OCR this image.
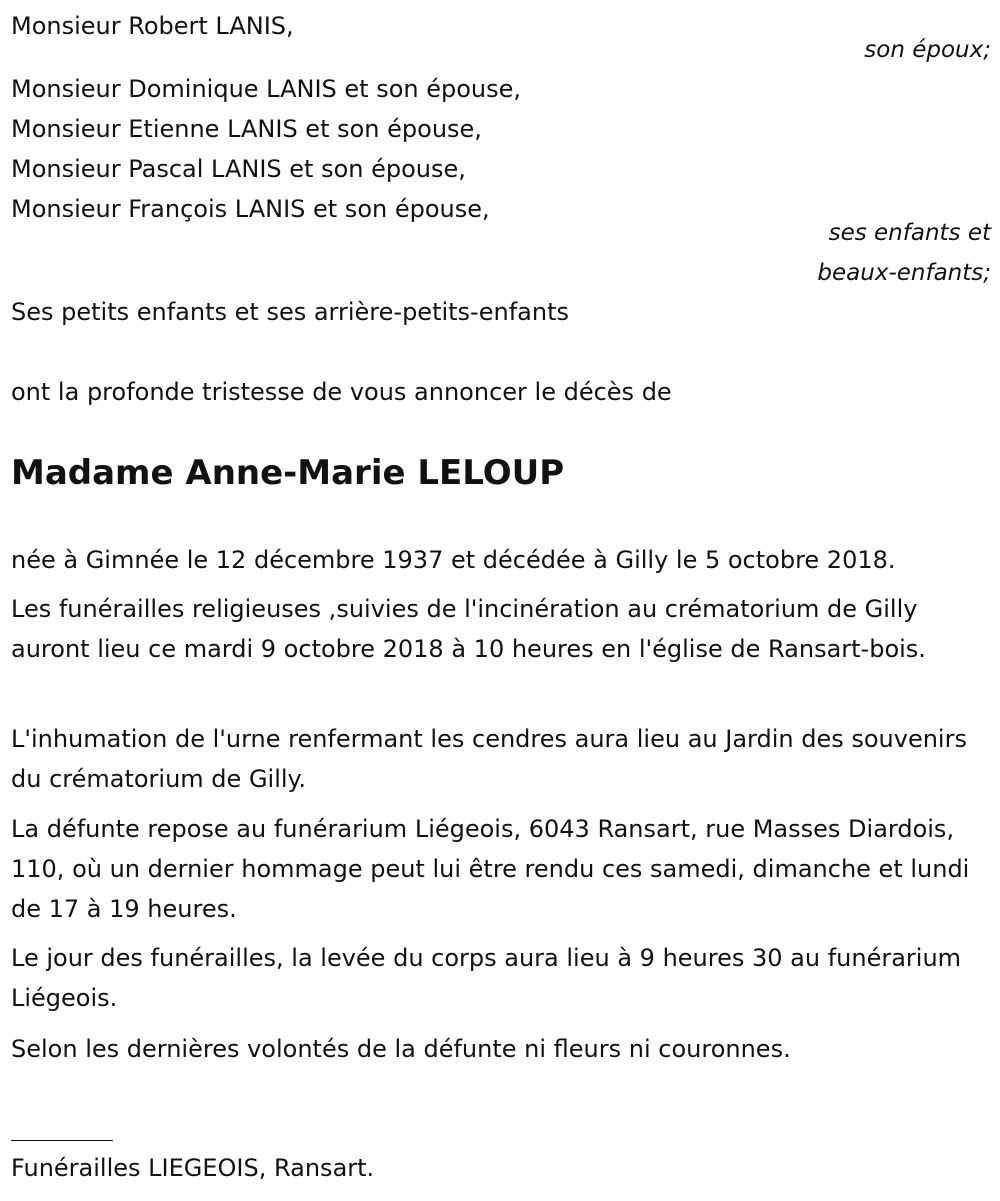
Monsieur Robert LANIS,
son époux;
Monsieur Dominique LANIS et son épouse,
Monsieur Etienne LANIS et son épouse,
Monsieur Pascal LANIS et son épouse,
Monsieur François LANIS et son épouse,
ses enfants et
beaux-enfants;
Ses petits enfants et ses arrière-petits-enfants
ont la profonde tristesse de vous annoncer le décès de
Madame Anne-Marie LELOUP
née à Gimnée le 12 décembre 1937 et décédée à Gilly le 5 octobre 2018.
Les funérailles religieuses ,suivies de l'incinération au crématorium de Gilly auront lieu ce mardi 9 octobre 2018 à 10 heures en l'église de Ransart-bois.
L'inhumation de l'urne renfermant les cendres aura lieu au Jardin des souvenirs du crématorium de Gilly.
La défunte repose au funérarium Liégeois, 6043 Ransart, rue Masses Diardois, 110, où un dernier hommage peut lui être rendu ces samedi, dimanche et lundi de 17 à 19 heures.
Le jour des funérailles, la levée du corps aura lieu à 9 heures 30 au funérarium Liégeois.
Selon les dernières volontés de la défunte ni fleurs ni couronnes.
Funérailles LIEGEOIS, Ransart.
